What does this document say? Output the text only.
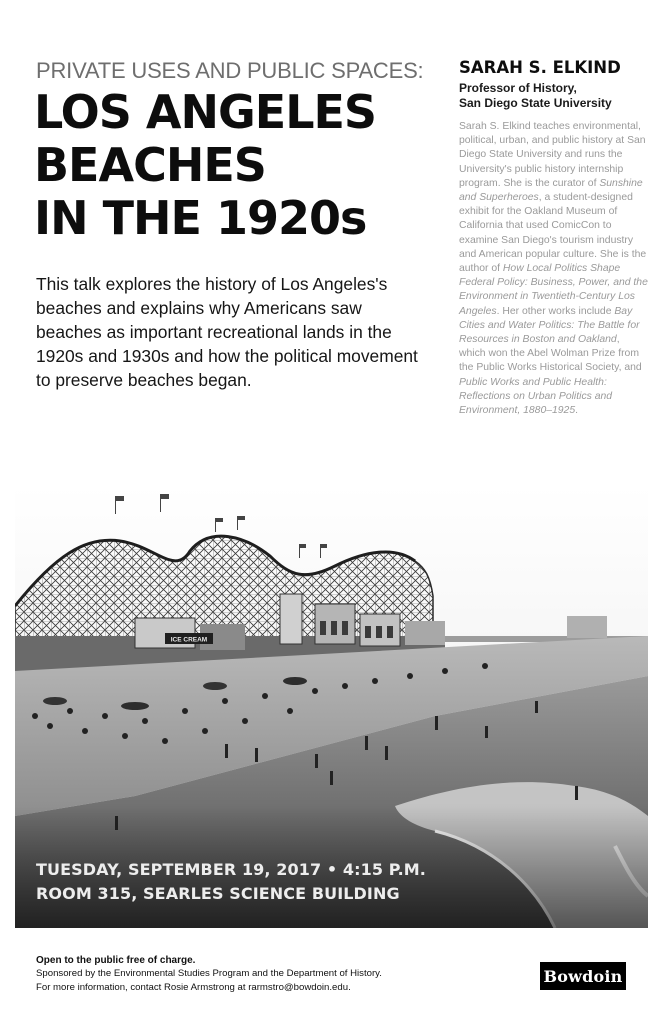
PRIVATE USES AND PUBLIC SPACES:
LOS ANGELES
BEACHES
IN THE 1920s

This talk explores the history of Los Angeles's beaches and explains why Americans saw beaches as important recreational lands in the 1920s and 1930s and how the political movement to preserve beaches began.

SARAH S. ELKIND
Professor of History,
San Diego State University
Sarah S. Elkind teaches environmental, political, urban, and public history at San Diego State University and runs the University's public history internship program. She is the curator of Sunshine and Superheroes, a student-designed exhibit for the Oakland Museum of California that used ComicCon to examine San Diego's tourism industry and American popular culture. She is the author of How Local Politics Shape Federal Policy: Business, Power, and the Environment in Twentieth-Century Los Angeles. Her other works include Bay Cities and Water Politics: The Battle for Resources in Boston and Oakland, which won the Abel Wolman Prize from the Public Works Historical Society, and Public Works and Public Health: Reflections on Urban Politics and Environment, 1880–1925.
ICE CREAM
TUESDAY, SEPTEMBER 19, 2017 • 4:15 P.M.
ROOM 315, SEARLES SCIENCE BUILDING
Open to the public free of charge.
Sponsored by the Environmental Studies Program and the Department of History.
For more information, contact Rosie Armstrong at rarmstro@bowdoin.edu.
Bowdoin
